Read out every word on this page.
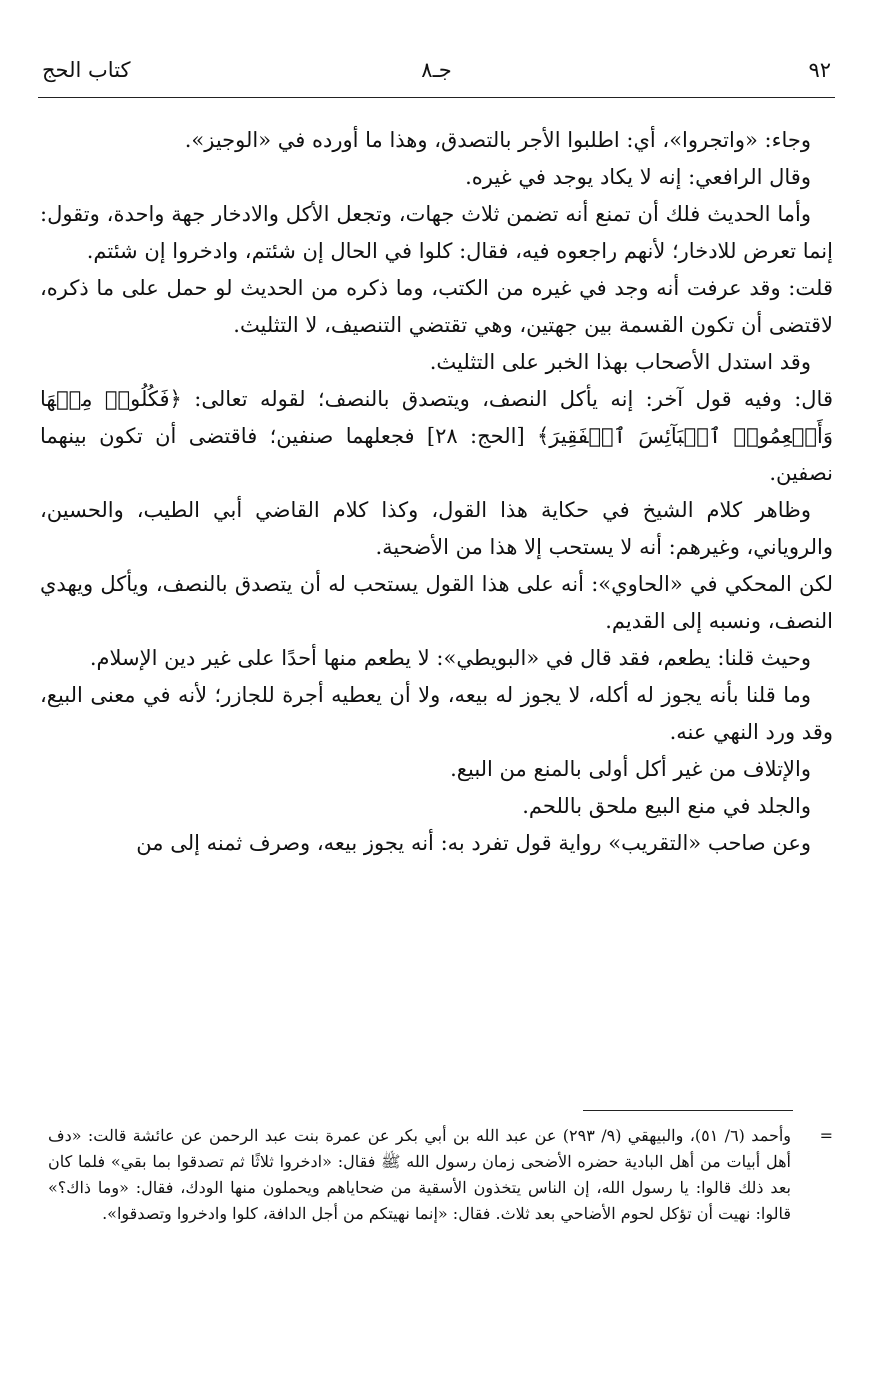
٩٢
جـ٨
كتاب الحج

وجاء: «واتجروا»، أي: اطلبوا الأجر بالتصدق، وهذا ما أورده في «الوجيز».

وقال الرافعي: إنه لا يكاد يوجد في غيره.

وأما الحديث فلك أن تمنع أنه تضمن ثلاث جهات، وتجعل الأكل والادخار جهة واحدة، وتقول: إنما تعرض للادخار؛ لأنهم راجعوه فيه، فقال: كلوا في الحال إن شئتم، وادخروا إن شئتم.

قلت: وقد عرفت أنه وجد في غيره من الكتب، وما ذكره من الحديث لو حمل على ما ذكره، لاقتضى أن تكون القسمة بين جهتين، وهي تقتضي التنصيف، لا التثليث.

وقد استدل الأصحاب بهذا الخبر على التثليث.

قال: وفيه قول آخر: إنه يأكل النصف، ويتصدق بالنصف؛ لقوله تعالى: ﴿فَكُلُوا۟ مِنۡهَا وَأَطۡعِمُوا۟ ٱلۡبَآئِسَ ٱلۡفَقِيرَ﴾ [الحج: ٢٨] فجعلهما صنفين؛ فاقتضى أن تكون بينهما نصفين.

وظاهر كلام الشيخ في حكاية هذا القول، وكذا كلام القاضي أبي الطيب، والحسين، والروياني، وغيرهم: أنه لا يستحب إلا هذا من الأضحية.

لكن المحكي في «الحاوي»: أنه على هذا القول يستحب له أن يتصدق بالنصف، ويأكل ويهدي النصف، ونسبه إلى القديم.

وحيث قلنا: يطعم، فقد قال في «البويطي»: لا يطعم منها أحدًا على غير دين الإسلام.

وما قلنا بأنه يجوز له أكله، لا يجوز له بيعه، ولا أن يعطيه أجرة للجازر؛ لأنه في معنى البيع، وقد ورد النهي عنه.

والإتلاف من غير أكل أولى بالمنع من البيع.

والجلد في منع البيع ملحق باللحم.

وعن صاحب «التقريب» رواية قول تفرد به: أنه يجوز بيعه، وصرف ثمنه إلى من

=
وأحمد (٦/ ٥١)، والبيهقي (٩/ ٢٩٣) عن عبد الله بن أبي بكر عن عمرة بنت عبد الرحمن عن عائشة قالت: «دف أهل أبيات من أهل البادية حضره الأضحى زمان رسول الله ﷺ فقال: «ادخروا ثلاثًا ثم تصدقوا بما بقي» فلما كان بعد ذلك قالوا: يا رسول الله، إن الناس يتخذون الأسقية من ضحاياهم ويحملون منها الودك، فقال: «وما ذاك؟» قالوا: نهيت أن تؤكل لحوم الأضاحي بعد ثلاث. فقال: «إنما نهيتكم من أجل الدافة، كلوا وادخروا وتصدقوا».
